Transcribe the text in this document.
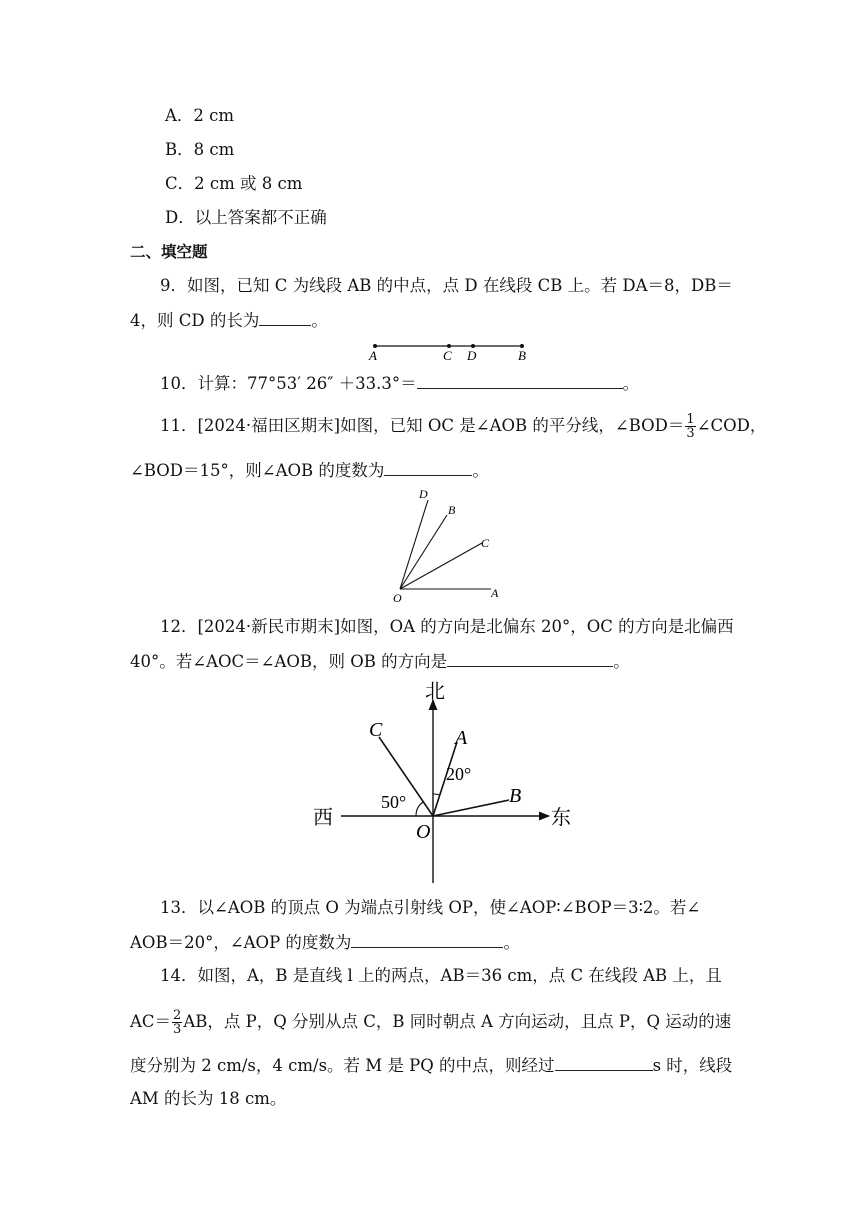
A．2 cm
B．8 cm
C．2 cm 或 8 cm
D．以上答案都不正确
二、填空题
9．如图，已知 C 为线段 AB 的中点，点 D 在线段 CB 上。若 DA＝8，DB＝
4，则 CD 的长为	。
A	C D	B
10．计算：77°53′ 26″ ＋33.3°＝	。
11．[2024·福田区期末]如图，已知 OC 是∠AOB 的平分线，∠BOD＝ $\frac{1}{3}$ ∠COD，
∠BOD＝15°，则∠AOB 的度数为	。
D
B
C
A
O
12．[2024·新民市期末]如图，OA 的方向是北偏东 20°，OC 的方向是北偏西
40°。若∠AOC＝∠AOB，则 OB 的方向是	。
北
西	东
O
A
B
C
20°
50°
13．以∠AOB 的顶点 O 为端点引射线 OP，使∠AOP∶∠BOP＝3∶2。若∠
AOB＝20°，∠AOP 的度数为	。
14．如图，A，B 是直线 l 上的两点，AB＝36 cm，点 C 在线段 AB 上，且
$AC= \frac{2}{3}$ AB，点 P，Q 分别从点 C，B 同时朝点 A 方向运动，且点 P，Q 运动的速
度分别为 2 cm/s，4 cm/s。若 M 是 PQ 的中点，则经过	s 时，线段
AM 的长为 18 cm。
